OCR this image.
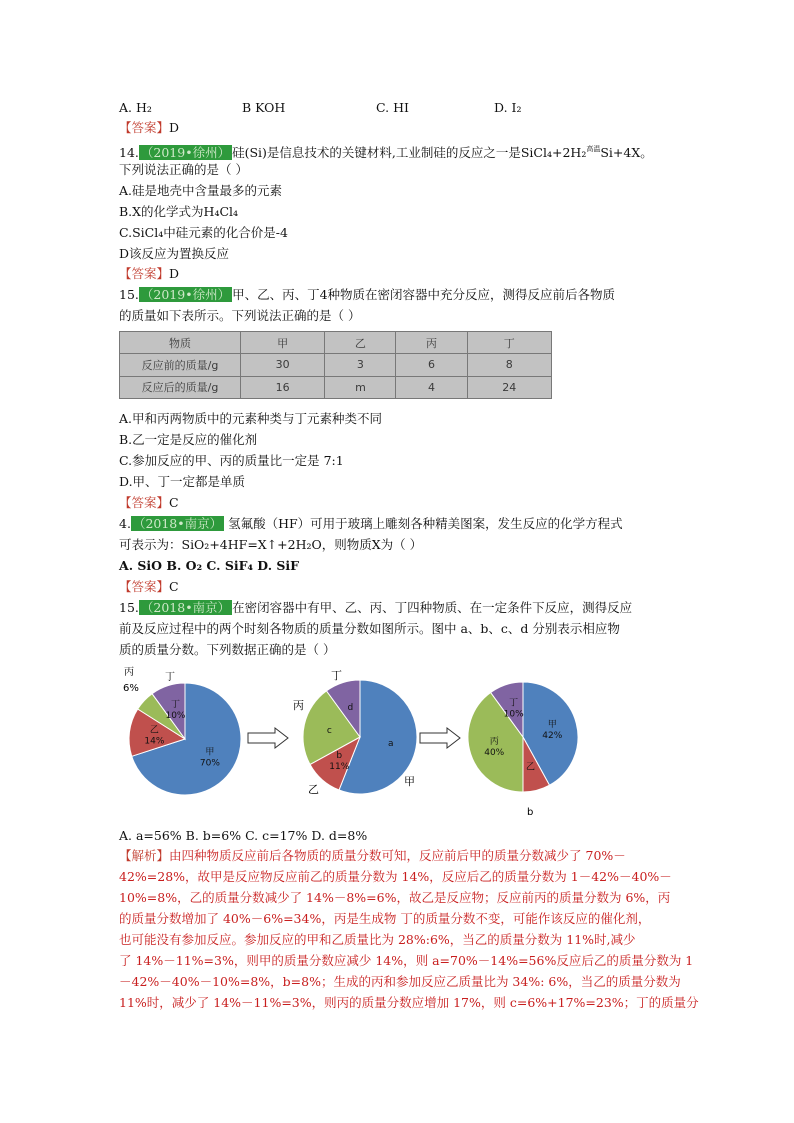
A. H₂	B KOH	C. HI	D. I₂
【答案】D
14. （2019•徐州） 硅(Si)是信息技术的关键材料,工业制硅的反应之一是SiCl₄+2H₂$^{高温}$Si+4X。
下列说法正确的是（ ）
A.硅是地壳中含量最多的元素
B.X的化学式为H₄Cl₄
C.SiCl₄中硅元素的化合价是-4
D该反应为置换反应
【答案】D
15. （2019•徐州） 甲、乙、丙、丁4种物质在密闭容器中充分反应，测得反应前后各物质
的质量如下表所示。下列说法正确的是（ ）
物质	甲	乙	丙	丁
反应前的质量/g	30	3	6	8
反应后的质量/g	16	m	4	24
A.甲和丙两物质中的元素种类与丁元素种类不同
B.乙一定是反应的催化剂
C.参加反应的甲、丙的质量比一定是 7:1
D.甲、丁一定都是单质
【答案】C
4. （2018•南京） 氢氟酸（HF）可用于玻璃上雕刻各种精美图案，发生反应的化学方程式
可表示为：SiO₂+4HF=X↑+2H₂O，则物质X为（ ）
A. SiO B. O₂ C. SiF₄ D. SiF
【答案】C
15. （2018•南京） 在密闭容器中有甲、乙、丙、丁四种物质、在一定条件下反应，测得反应
前及反应过程中的两个时刻各物质的质量分数如图所示。图中 a、b、c、d 分别表示相应物
质的质量分数。下列数据正确的是（ ）
甲
70%
乙
14%
丁
10%
a
b
11%
c
d
甲
42%
乙
丙
40%
丁
10%
丙
6%
丁	丁
丙
乙
甲
b
A. a=56% B. b=6% C. c=17% D. d=8%
【解析】由四种物质反应前后各物质的质量分数可知，反应前后甲的质量分数减少了 70%－
42%=28%，故甲是反应物反应前乙的质量分数为 14%，反应后乙的质量分数为 1－42%－40%－
10%=8%，乙的质量分数减少了 14%－8%=6%，故乙是反应物；反应前丙的质量分数为 6%，丙
的质量分数增加了 40%－6%=34%，丙是生成物 丁的质量分数不变，可能作该反应的催化剂，
也可能没有参加反应。参加反应的甲和乙质量比为 28%:6%，当乙的质量分数为 11%时,减少
了 14%－11%=3%，则甲的质量分数应减少 14%，则 a=70%－14%=56%反应后乙的质量分数为 1
－42%－40%－10%=8%，b=8%；生成的丙和参加反应乙质量比为 34%: 6%，当乙的质量分数为
11%时，减少了 14%－11%=3%，则丙的质量分数应增加 17%，则 c=6%+17%=23%；丁的质量分
